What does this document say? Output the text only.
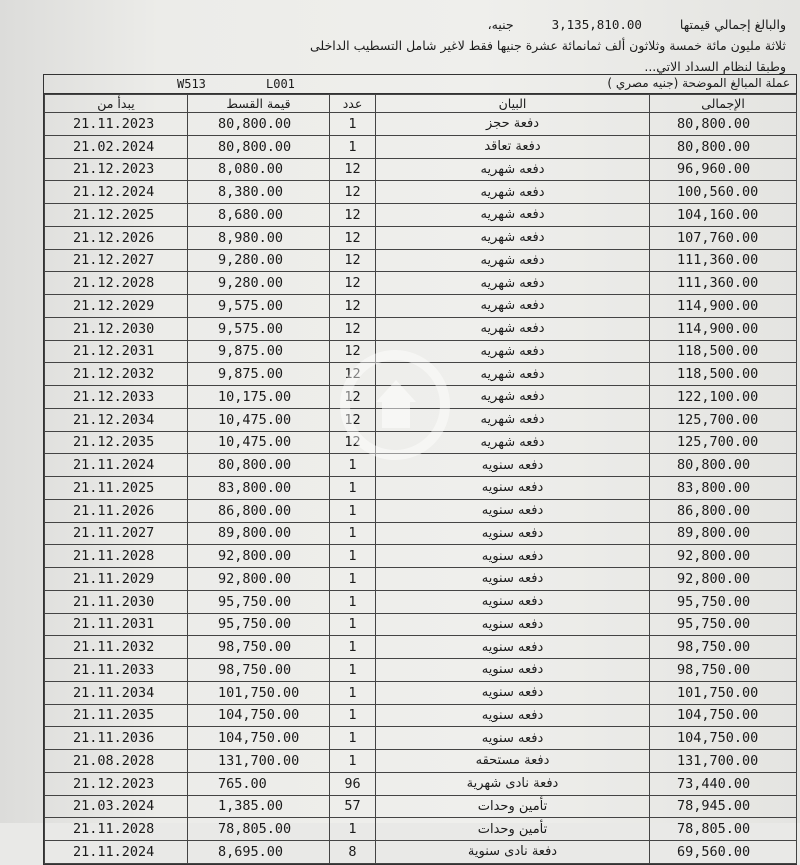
والبالغ إجمالي قيمتها 3,135,810.00 جنيه،
ثلاثة مليون مائة خمسة وثلاثون ألف ثمانمائة عشرة جنيها فقط لاغير شامل التسطيب الداخلى
وطبقا لنظام السداد الاتي...
W513	L001	عملة المبالغ الموضحة (جنيه مصري )
يبدأ من	قيمة القسط	عدد	البيان	الإجمالى
21.11.2023	80,800.00	1	دفعة حجز	80,800.00
21.02.2024	80,800.00	1	دفعة تعاقد	80,800.00
21.12.2023	8,080.00	12	دفعه شهريه	96,960.00
21.12.2024	8,380.00	12	دفعه شهريه	100,560.00
21.12.2025	8,680.00	12	دفعه شهريه	104,160.00
21.12.2026	8,980.00	12	دفعه شهريه	107,760.00
21.12.2027	9,280.00	12	دفعه شهريه	111,360.00
21.12.2028	9,280.00	12	دفعه شهريه	111,360.00
21.12.2029	9,575.00	12	دفعه شهريه	114,900.00
21.12.2030	9,575.00	12	دفعه شهريه	114,900.00
21.12.2031	9,875.00	12	دفعه شهريه	118,500.00
21.12.2032	9,875.00	12	دفعه شهريه	118,500.00
21.12.2033	10,175.00	12	دفعه شهريه	122,100.00
21.12.2034	10,475.00	12	دفعه شهريه	125,700.00
21.12.2035	10,475.00	12	دفعه شهريه	125,700.00
21.11.2024	80,800.00	1	دفعه سنويه	80,800.00
21.11.2025	83,800.00	1	دفعه سنويه	83,800.00
21.11.2026	86,800.00	1	دفعه سنويه	86,800.00
21.11.2027	89,800.00	1	دفعه سنويه	89,800.00
21.11.2028	92,800.00	1	دفعه سنويه	92,800.00
21.11.2029	92,800.00	1	دفعه سنويه	92,800.00
21.11.2030	95,750.00	1	دفعه سنويه	95,750.00
21.11.2031	95,750.00	1	دفعه سنويه	95,750.00
21.11.2032	98,750.00	1	دفعه سنويه	98,750.00
21.11.2033	98,750.00	1	دفعه سنويه	98,750.00
21.11.2034	101,750.00	1	دفعه سنويه	101,750.00
21.11.2035	104,750.00	1	دفعه سنويه	104,750.00
21.11.2036	104,750.00	1	دفعه سنويه	104,750.00
21.08.2028	131,700.00	1	دفعة مستحقه	131,700.00
21.12.2023	765.00	96	دفعة نادى شهرية	73,440.00
21.03.2024	1,385.00	57	تأمين وحدات	78,945.00
21.11.2028	78,805.00	1	تأمين وحدات	78,805.00
21.11.2024	8,695.00	8	دفعة نادى سنوية	69,560.00
